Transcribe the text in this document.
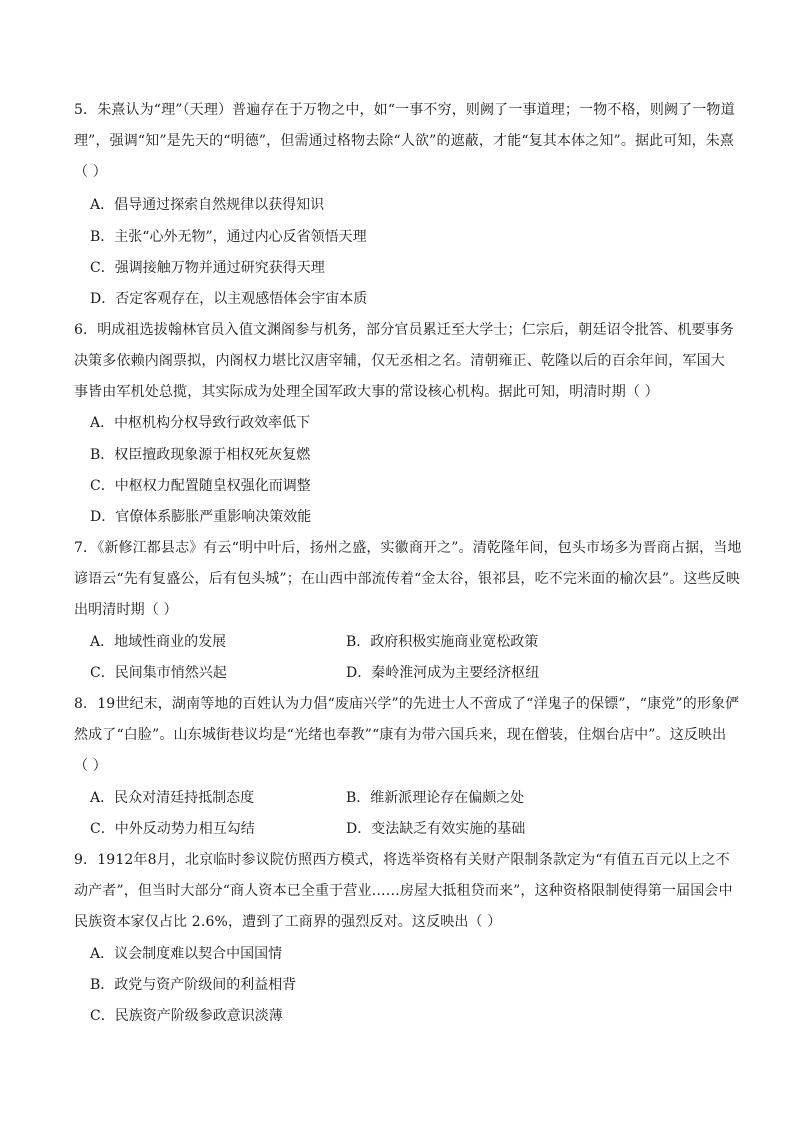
5．朱熹认为“理”（天理）普遍存在于万物之中，如“一事不穷，则阙了一事道理；一物不格，则阙了一物道
理”，强调“知”是先天的“明德”，但需通过格物去除“人欲”的遮蔽，才能“复其本体之知”。据此可知，朱熹
（ ）
A．倡导通过探索自然规律以获得知识
B．主张“心外无物”，通过内心反省领悟天理
C．强调接触万物并通过研究获得天理
D．否定客观存在，以主观感悟体会宇宙本质
6．明成祖选拔翰林官员入值文渊阁参与机务，部分官员累迁至大学士；仁宗后，朝廷诏令批答、机要事务
决策多依赖内阁票拟，内阁权力堪比汉唐宰辅，仅无丞相之名。清朝雍正、乾隆以后的百余年间，军国大
事皆由军机处总揽，其实际成为处理全国军政大事的常设核心机构。据此可知，明清时期（ ）
A．中枢机构分权导致行政效率低下
B．权臣擅政现象源于相权死灰复燃
C．中枢权力配置随皇权强化而调整
D．官僚体系膨胀严重影响决策效能
7．《新修江都县志》有云“明中叶后，扬州之盛，实徽商开之”。清乾隆年间，包头市场多为晋商占据，当地
谚语云“先有复盛公，后有包头城”；在山西中部流传着“金太谷，银祁县，吃不完米面的榆次县”。这些反映
出明清时期（ ）
A．地域性商业的发展	B．政府积极实施商业宽松政策
C．民间集市悄然兴起	D．秦岭淮河成为主要经济枢纽
8．19世纪末，湖南等地的百姓认为力倡“废庙兴学”的先进士人不啻成了“洋鬼子的保镖”，“康党”的形象俨
然成了“白脸”。山东城街巷议均是“光绪也奉教”“康有为带六国兵来，现在僧装，住烟台店中”。这反映出
（ ）
A．民众对清廷持抵制态度	B．维新派理论存在偏颇之处
C．中外反动势力相互勾结	D．变法缺乏有效实施的基础
9．1912年8月，北京临时参议院仿照西方模式，将选举资格有关财产限制条款定为“有值五百元以上之不
动产者”，但当时大部分“商人资本已全重于营业……房屋大抵租贷而来”，这种资格限制使得第一届国会中
民族资本家仅占比 2.6%，遭到了工商界的强烈反对。这反映出（ ）
A．议会制度难以契合中国国情
B．政党与资产阶级间的利益相背
C．民族资产阶级参政意识淡薄
